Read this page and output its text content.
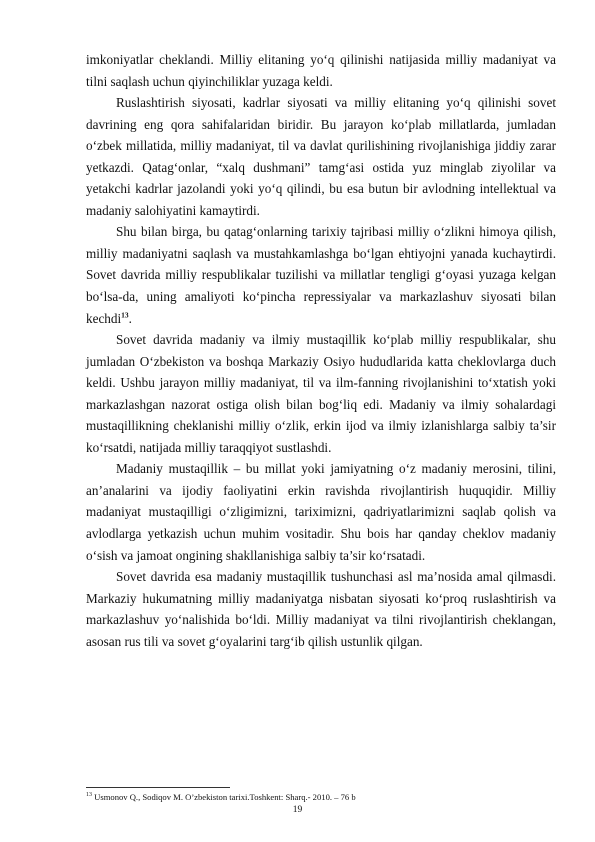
imkoniyatlar cheklandi. Milliy elitaning yo‘q qilinishi natijasida milliy madaniyat va tilni saqlash uchun qiyinchiliklar yuzaga keldi.

Ruslashtirish siyosati, kadrlar siyosati va milliy elitaning yo‘q qilinishi sovet davrining eng qora sahifalaridan biridir. Bu jarayon ko‘plab millatlarda, jumladan o‘zbek millatida, milliy madaniyat, til va davlat qurilishining rivojlanishiga jiddiy zarar yetkazdi. Qatag‘onlar, “xalq dushmani” tamg‘asi ostida yuz minglab ziyolilar va yetakchi kadrlar jazolandi yoki yo‘q qilindi, bu esa butun bir avlodning intellektual va madaniy salohiyatini kamaytirdi.

Shu bilan birga, bu qatag‘onlarning tarixiy tajribasi milliy o‘zlikni himoya qilish, milliy madaniyatni saqlash va mustahkamlashga bo‘lgan ehtiyojni yanada kuchaytirdi. Sovet davrida milliy respublikalar tuzilishi va millatlar tengligi g‘oyasi yuzaga kelgan bo‘lsa-da, uning amaliyoti ko‘pincha repressiyalar va markazlashuv siyosati bilan kechdi$^{13}$.

Sovet davrida madaniy va ilmiy mustaqillik ko‘plab milliy respublikalar, shu jumladan O‘zbekiston va boshqa Markaziy Osiyo hududlarida katta cheklovlarga duch keldi. Ushbu jarayon milliy madaniyat, til va ilm-fanning rivojlanishini to‘xtatish yoki markazlashgan nazorat ostiga olish bilan bog‘liq edi. Madaniy va ilmiy sohalardagi mustaqillikning cheklanishi milliy o‘zlik, erkin ijod va ilmiy izlanishlarga salbiy ta’sir ko‘rsatdi, natijada milliy taraqqiyot sustlashdi.

Madaniy mustaqillik – bu millat yoki jamiyatning o‘z madaniy merosini, tilini, an’analarini va ijodiy faoliyatini erkin ravishda rivojlantirish huquqidir. Milliy madaniyat mustaqilligi o‘zligimizni, tariximizni, qadriyatlarimizni saqlab qolish va avlodlarga yetkazish uchun muhim vositadir. Shu bois har qanday cheklov madaniy o‘sish va jamoat ongining shakllanishiga salbiy ta’sir ko‘rsatadi.

Sovet davrida esa madaniy mustaqillik tushunchasi asl ma’nosida amal qilmasdi. Markaziy hukumatning milliy madaniyatga nisbatan siyosati ko‘proq ruslashtirish va markazlashuv yo‘nalishida bo‘ldi. Milliy madaniyat va tilni rivojlantirish cheklangan, asosan rus tili va sovet g‘oyalarini targ‘ib qilish ustunlik qilgan.

$^{13}$ Usmonov Q., Sodiqov M. O’zbekiston tarixi.Toshkent: Sharq.- 2010. – 76 b
19
